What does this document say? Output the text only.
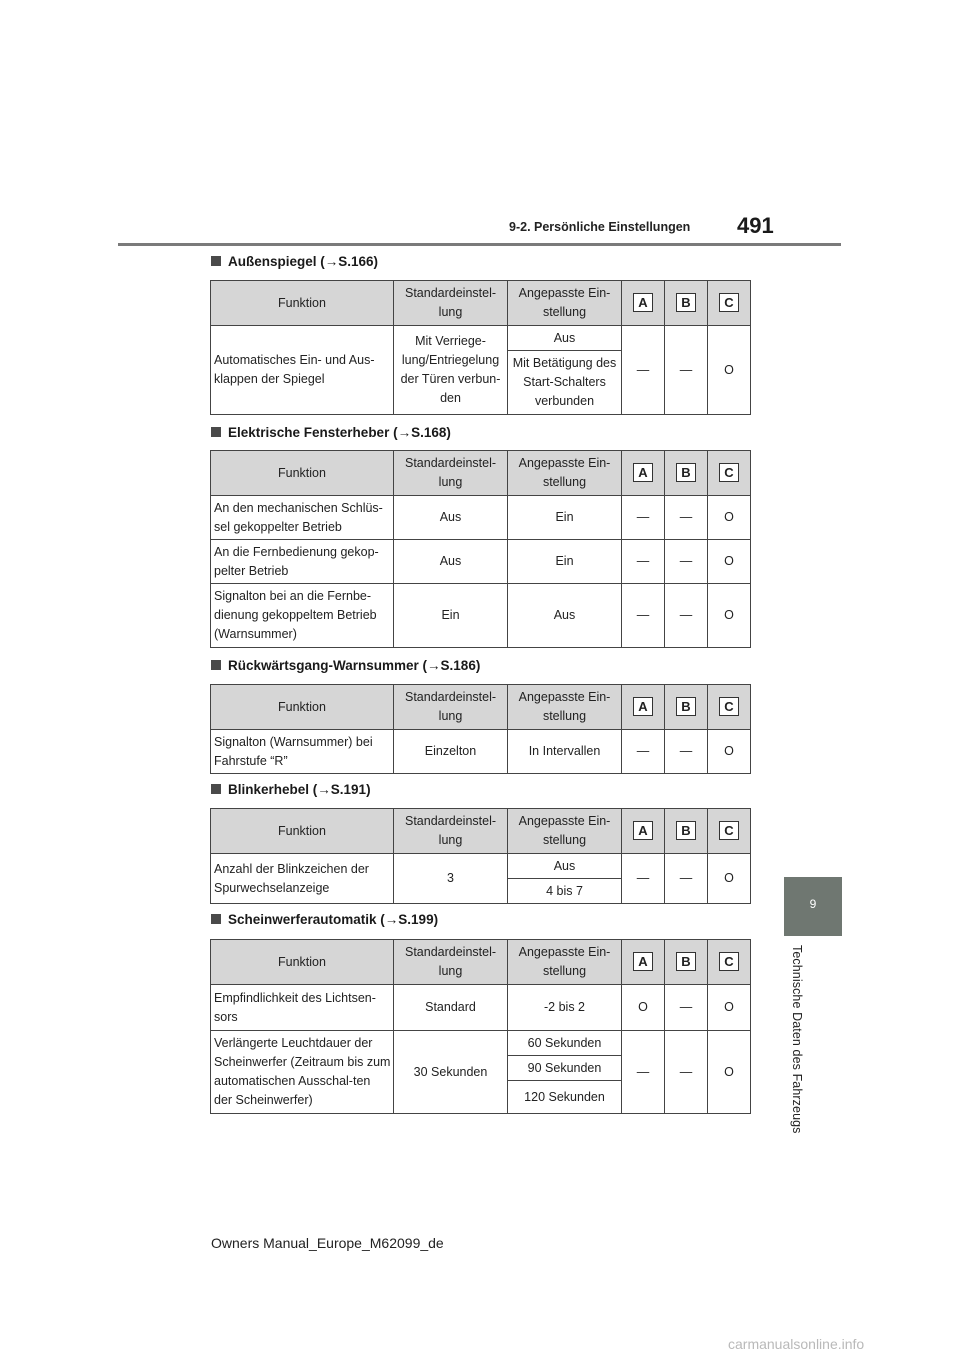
9-2. Persönliche Einstellungen 491
9
Technische Daten des Fahrzeugs
Außenspiegel (→S.166)
Funktion	Standardeinstel-lung	Angepasste Ein-stellung	A	B	C
Automatisches Ein- und Aus-klappen der Spiegel	Mit Verriege-lung/Entriegelung der Türen verbun-den	Aus	—	—	O
		Mit Betätigung des Start-Schalters verbunden			
Elektrische Fensterheber (→S.168)
Funktion	Standardeinstel-lung	Angepasste Ein-stellung	A	B	C
An den mechanischen Schlüs-sel gekoppelter Betrieb	Aus	Ein	—	—	O
An die Fernbedienung gekop-pelter Betrieb	Aus	Ein	—	—	O
Signalton bei an die Fernbe-dienung gekoppeltem Betrieb (Warnsummer)	Ein	Aus	—	—	O
Rückwärtsgang-Warnsummer (→S.186)
Funktion	Standardeinstel-lung	Angepasste Ein-stellung	A	B	C
Signalton (Warnsummer) bei Fahrstufe “R”	Einzelton	In Intervallen	—	—	O
Blinkerhebel (→S.191)
Funktion	Standardeinstel-lung	Angepasste Ein-stellung	A	B	C
Anzahl der Blinkzeichen der Spurwechselanzeige	3	Aus	—	—	O
		4 bis 7			
Scheinwerferautomatik (→S.199)
Funktion	Standardeinstel-lung	Angepasste Ein-stellung	A	B	C
Empfindlichkeit des Lichtsen-sors	Standard	-2 bis 2	O	—	O
Verlängerte Leuchtdauer der Scheinwerfer (Zeitraum bis zum automatischen Ausschal-ten der Scheinwerfer)	30 Sekunden	60 Sekunden	—	—	O
		90 Sekunden			
		120 Sekunden			
Owners Manual_Europe_M62099_de
carmanualsonline.info
